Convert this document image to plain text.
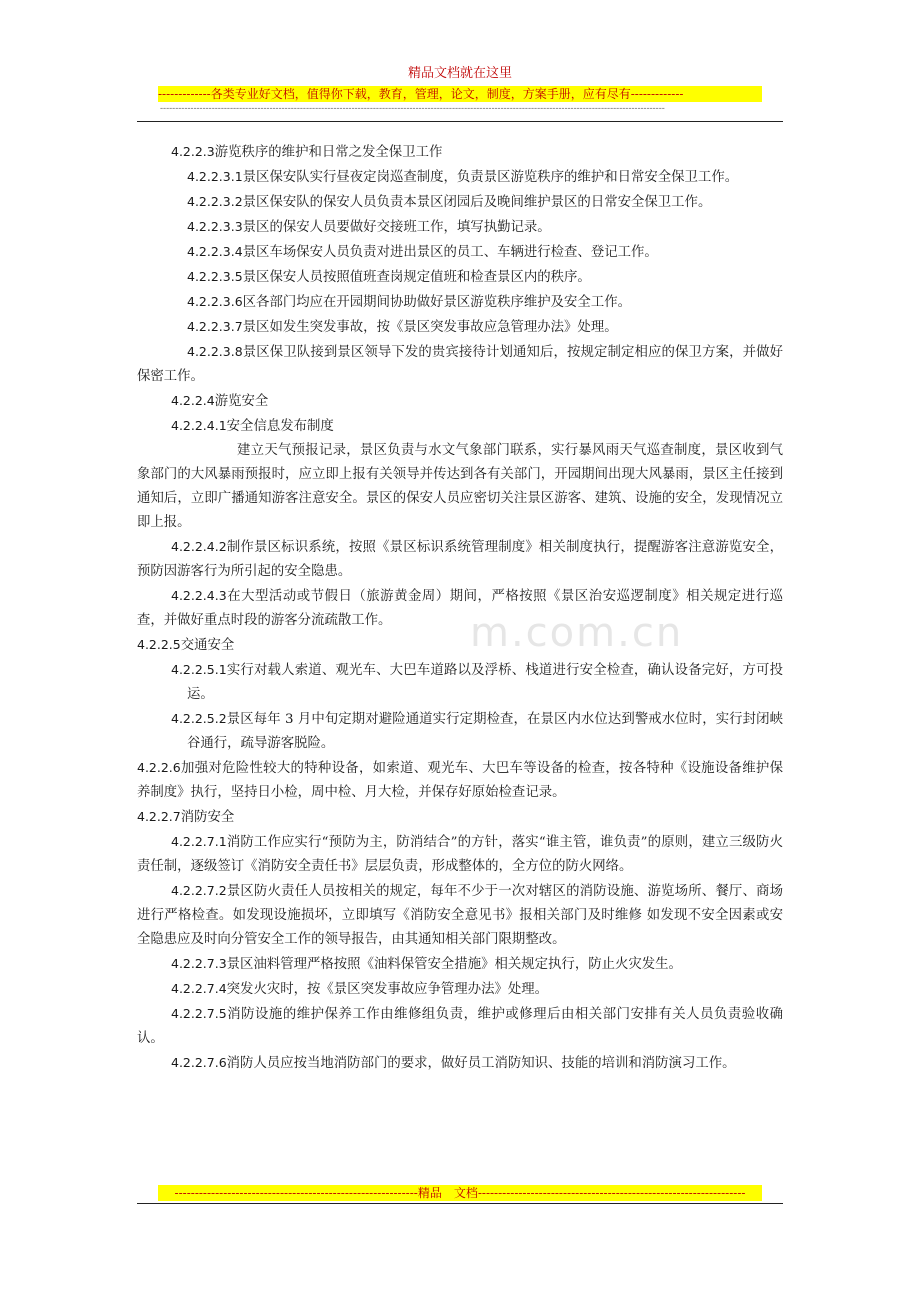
精品文档就在这里
-------------各类专业好文档，值得你下载，教育，管理，论文，制度，方案手册，应有尽有-------------
----------------------------------------------------------------------------------------------------------------------------------------------------------------------
m.com.cn

4.2.2.3游览秩序的维护和日常之发全保卫工作

4.2.2.3.1景区保安队实行昼夜定岗巡查制度，负责景区游览秩序的维护和日常安全保卫工作。

4.2.2.3.2景区保安队的保安人员负责本景区闭园后及晚间维护景区的日常安全保卫工作。

4.2.2.3.3景区的保安人员要做好交接班工作，填写执勤记录。

4.2.2.3.4景区车场保安人员负责对进出景区的员工、车辆进行检查、登记工作。

4.2.2.3.5景区保安人员按照值班查岗规定值班和检查景区内的秩序。

4.2.2.3.6区各部门均应在开园期间协助做好景区游览秩序维护及安全工作。

4.2.2.3.7景区如发生突发事故，按《景区突发事故应急管理办法》处理。

4.2.2.3.8景区保卫队接到景区领导下发的贵宾接待计划通知后，按规定制定相应的保卫方案，并做好保密工作。

4.2.2.4游览安全

4.2.2.4.1安全信息发布制度

建立天气预报记录，景区负责与水文气象部门联系，实行暴风雨天气巡查制度，景区收到气象部门的大风暴雨预报时，应立即上报有关领导并传达到各有关部门，开园期间出现大风暴雨，景区主任接到通知后，立即广播通知游客注意安全。景区的保安人员应密切关注景区游客、建筑、设施的安全，发现情况立即上报。

4.2.2.4.2制作景区标识系统，按照《景区标识系统管理制度》相关制度执行，提醒游客注意游览安全，预防因游客行为所引起的安全隐患。

4.2.2.4.3在大型活动或节假日（旅游黄金周）期间，严格按照《景区治安巡逻制度》相关规定进行巡查，并做好重点时段的游客分流疏散工作。

4.2.2.5交通安全

4.2.2.5.1实行对载人索道、观光车、大巴车道路以及浮桥、栈道进行安全检查，确认设备完好，方可投运。

4.2.2.5.2景区每年 3 月中旬定期对避险通道实行定期检查，在景区内水位达到警戒水位时，实行封闭峡谷通行，疏导游客脱险。

4.2.2.6加强对危险性较大的特种设备，如索道、观光车、大巴车等设备的检查，按各特种《设施设备维护保养制度》执行，坚持日小检，周中检、月大检，并保存好原始检查记录。

4.2.2.7消防安全

4.2.2.7.1消防工作应实行“预防为主，防消结合”的方针，落实“谁主管，谁负责”的原则，建立三级防火责任制，逐级签订《消防安全责任书》层层负责，形成整体的，全方位的防火网络。

4.2.2.7.2景区防火责任人员按相关的规定，每年不少于一次对辖区的消防设施、游览场所、餐厅、商场进行严格检查。如发现设施损坏，立即填写《消防安全意见书》报相关部门及时维修 如发现不安全因素或安全隐患应及时向分管安全工作的领导报告，由其通知相关部门限期整改。

4.2.2.7.3景区油料管理严格按照《油料保管安全措施》相关规定执行，防止火灾发生。

4.2.2.7.4突发火灾时，按《景区突发事故应争管理办法》处理。

4.2.2.7.5消防设施的维护保养工作由维修组负责，维护或修理后由相关部门安排有关人员负责验收确认。

4.2.2.7.6消防人员应按当地消防部门的要求，做好员工消防知识、技能的培训和消防演习工作。

------------------------------------------------------------精品　文档------------------------------------------------------------------
